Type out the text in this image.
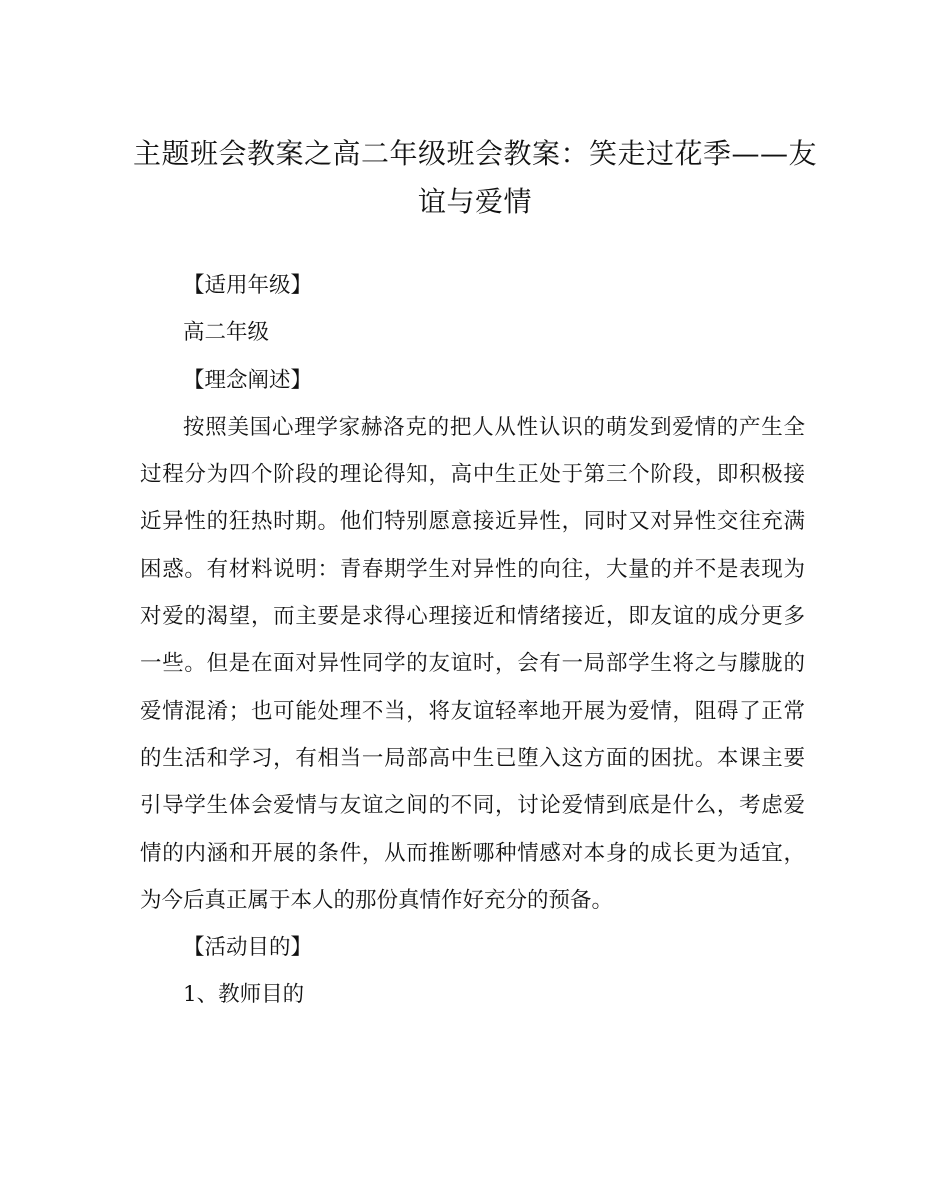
主题班会教案之高二年级班会教案：笑走过花季——友谊与爱情

【适用年级】

高二年级

【理念阐述】

按照美国心理学家赫洛克的把人从性认识的萌发到爱情的产生全过程分为四个阶段的理论得知，高中生正处于第三个阶段，即积极接近异性的狂热时期。他们特别愿意接近异性，同时又对异性交往充满困惑。有材料说明：青春期学生对异性的向往，大量的并不是表现为对爱的渴望，而主要是求得心理接近和情绪接近，即友谊的成分更多一些。但是在面对异性同学的友谊时，会有一局部学生将之与朦胧的爱情混淆；也可能处理不当，将友谊轻率地开展为爱情，阻碍了正常的生活和学习，有相当一局部高中生已堕入这方面的困扰。本课主要引导学生体会爱情与友谊之间的不同，讨论爱情到底是什么，考虑爱情的内涵和开展的条件，从而推断哪种情感对本身的成长更为适宜，为今后真正属于本人的那份真情作好充分的预备。

【活动目的】

1、教师目的
